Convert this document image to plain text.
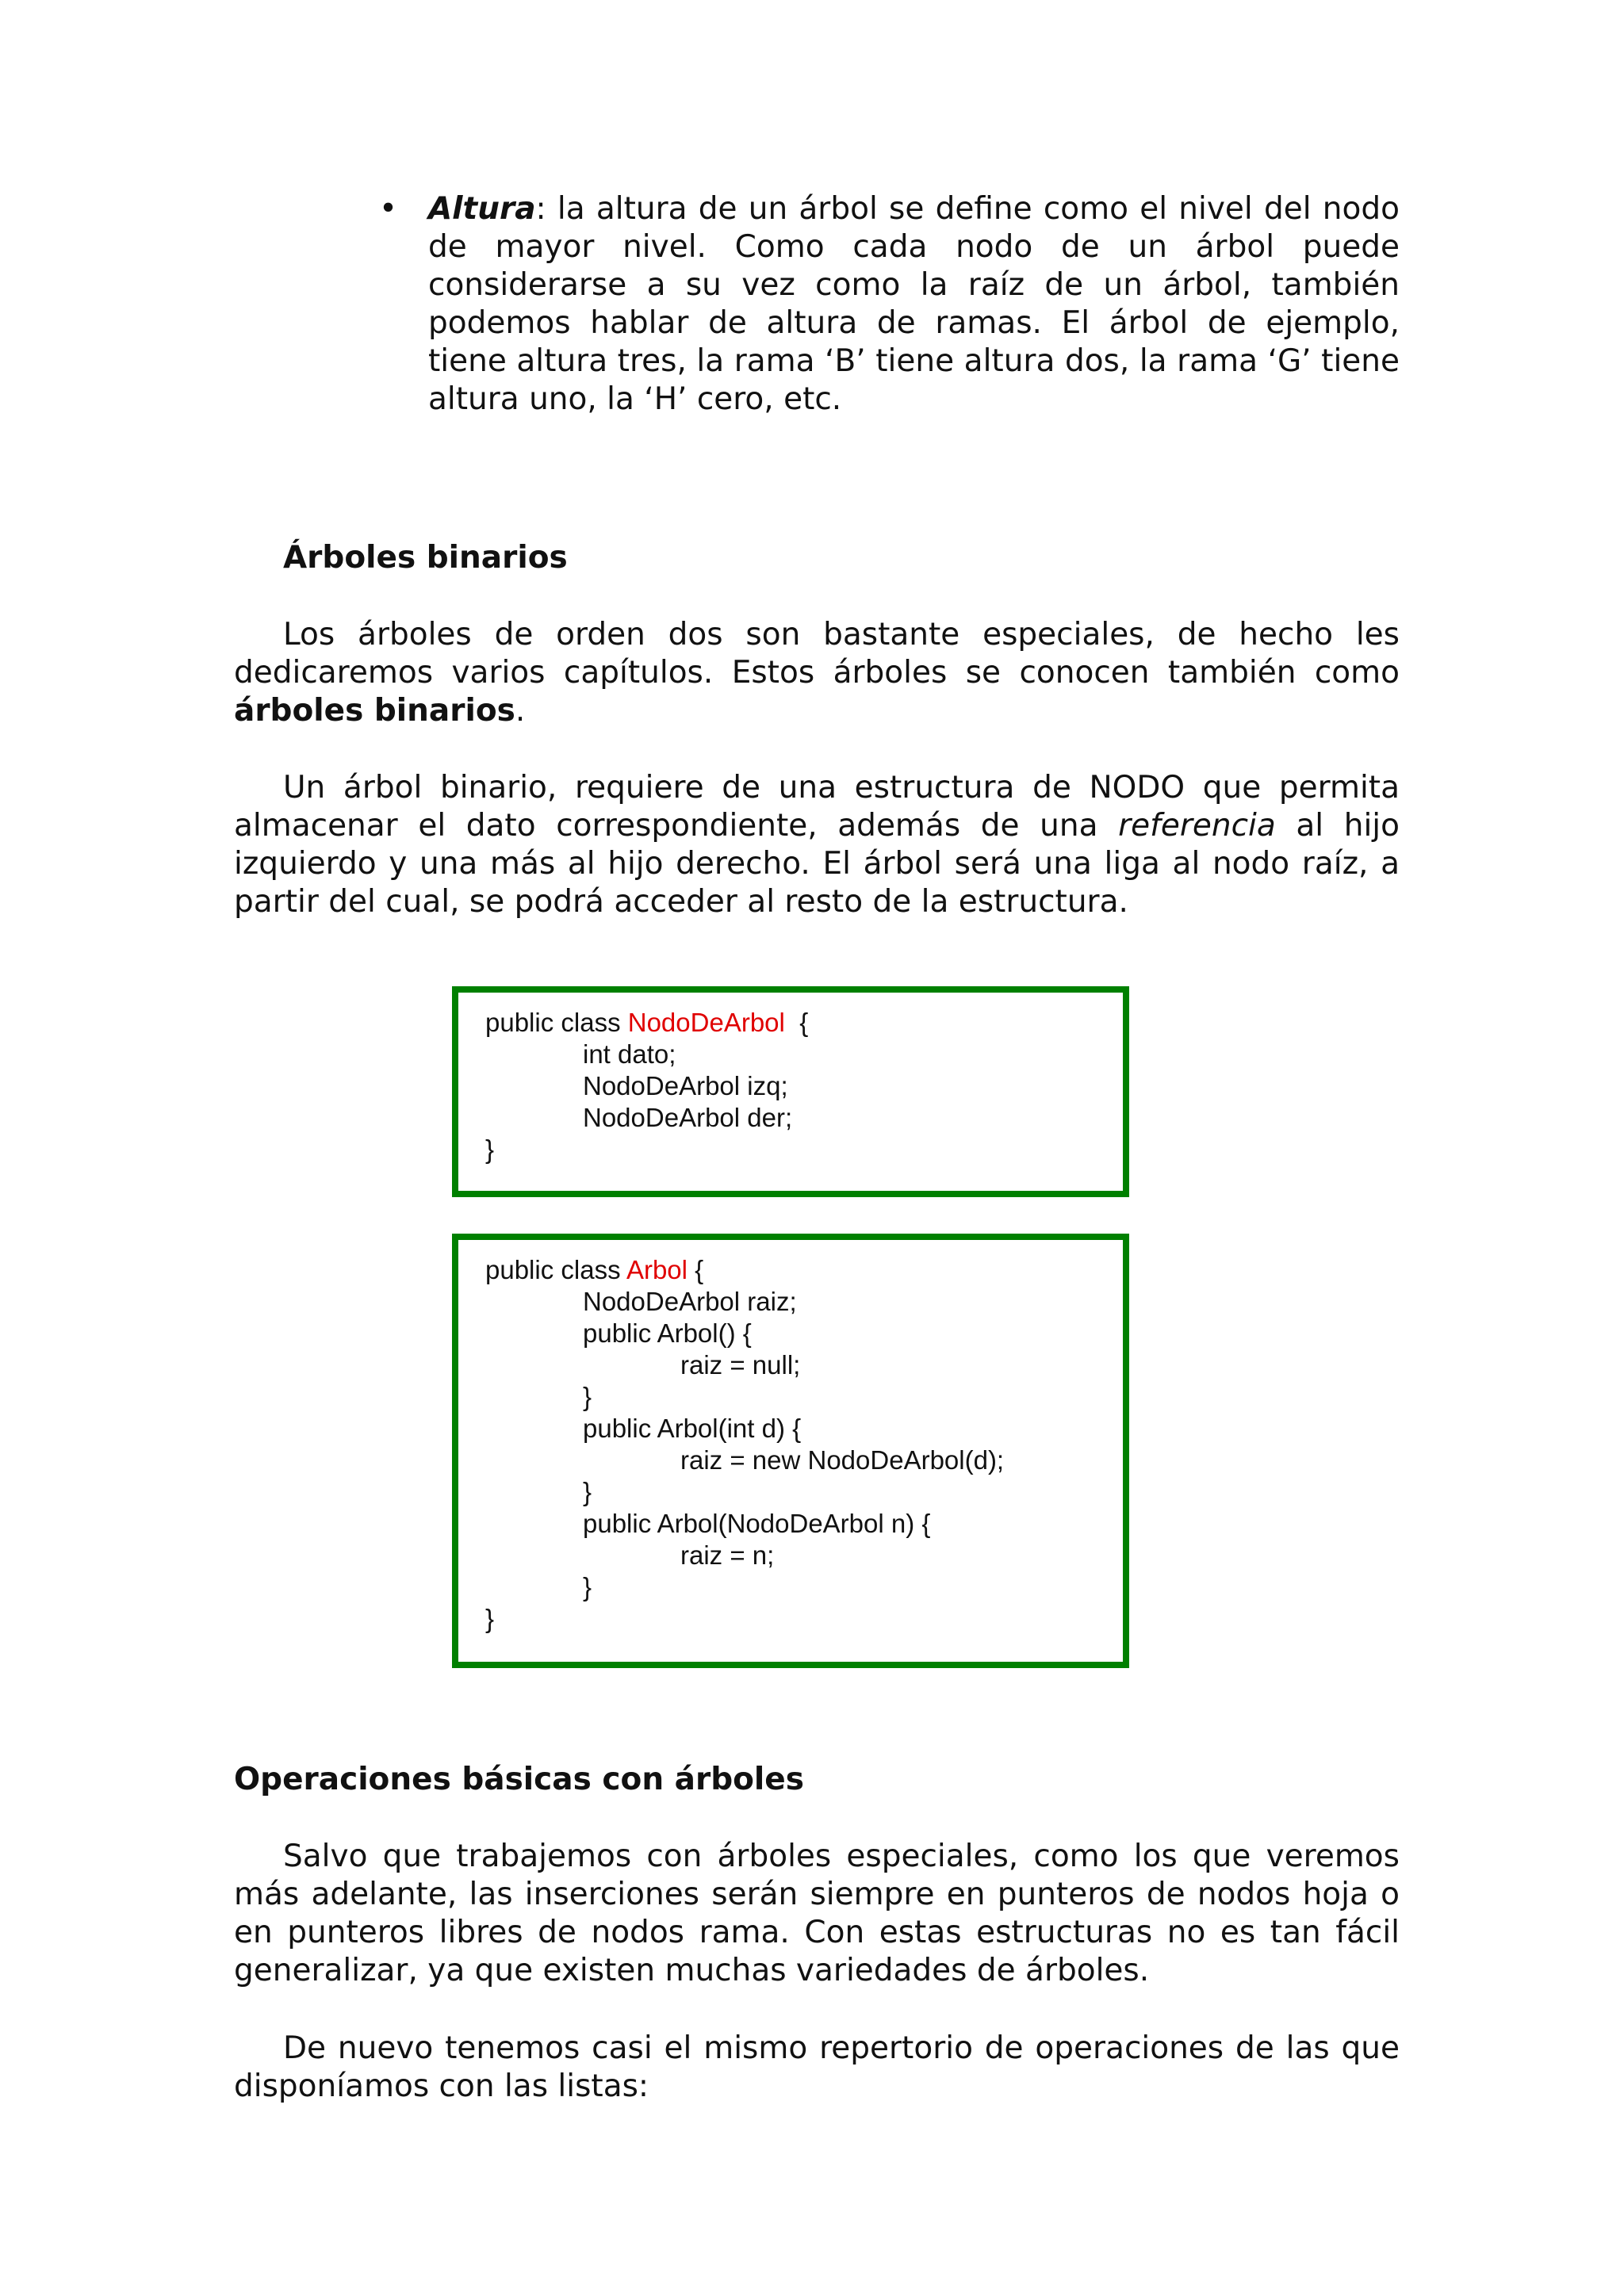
• Altura: la altura de un árbol se define como el nivel del nodo de mayor nivel. Como cada nodo de un árbol puede considerarse a su vez como la raíz de un árbol, también podemos hablar de altura de ramas. El árbol de ejemplo, tiene altura tres, la rama ‘B’ tiene altura dos, la rama ‘G’ tiene altura uno, la ‘H’ cero, etc.

Árboles binarios

Los árboles de orden dos son bastante especiales, de hecho les dedicaremos varios capítulos. Estos árboles se conocen también como árboles binarios.

Un árbol binario, requiere de una estructura de NODO que permita almacenar el dato correspondiente, además de una referencia al hijo izquierdo y una más al hijo derecho. El árbol será una liga al nodo raíz, a partir del cual, se podrá acceder al resto de la estructura.

public class NodoDeArbol  {
int dato;
NodoDeArbol izq;
NodoDeArbol der;
}
public class Arbol {
NodoDeArbol raiz;
public Arbol() {
raiz = null;
}
public Arbol(int d) {
raiz = new NodoDeArbol(d);
}
public Arbol(NodoDeArbol n) {
raiz = n;
}
}
Operaciones básicas con árboles

Salvo que trabajemos con árboles especiales, como los que veremos más adelante, las inserciones serán siempre en punteros de nodos hoja o en punteros libres de nodos rama. Con estas estructuras no es tan fácil generalizar, ya que existen muchas variedades de árboles.

De nuevo tenemos casi el mismo repertorio de operaciones de las que disponíamos con las listas:
